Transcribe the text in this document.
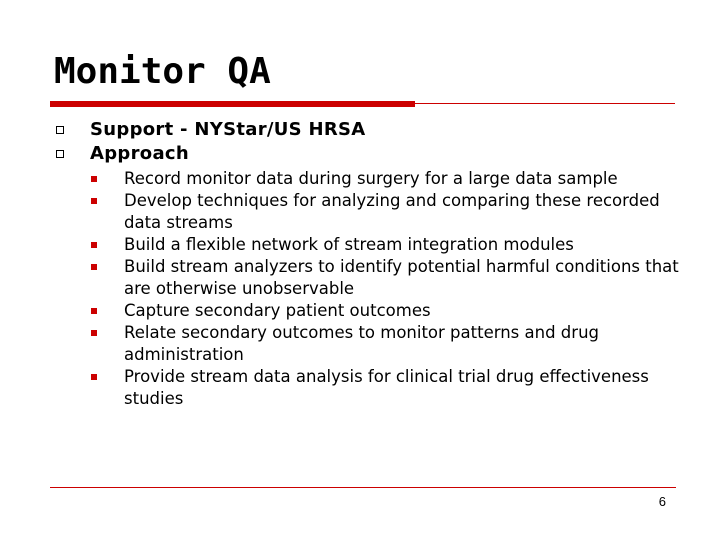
Monitor QA
Support - NYStar/US HRSA
Approach
Record monitor data during surgery for a large data sample
Develop techniques for analyzing and comparing these recorded data streams
Build a flexible network of stream integration modules
Build stream analyzers to identify potential harmful conditions that are otherwise unobservable
Capture secondary patient outcomes
Relate secondary outcomes to monitor patterns and drug administration
Provide stream data analysis for clinical trial drug effectiveness studies
6
